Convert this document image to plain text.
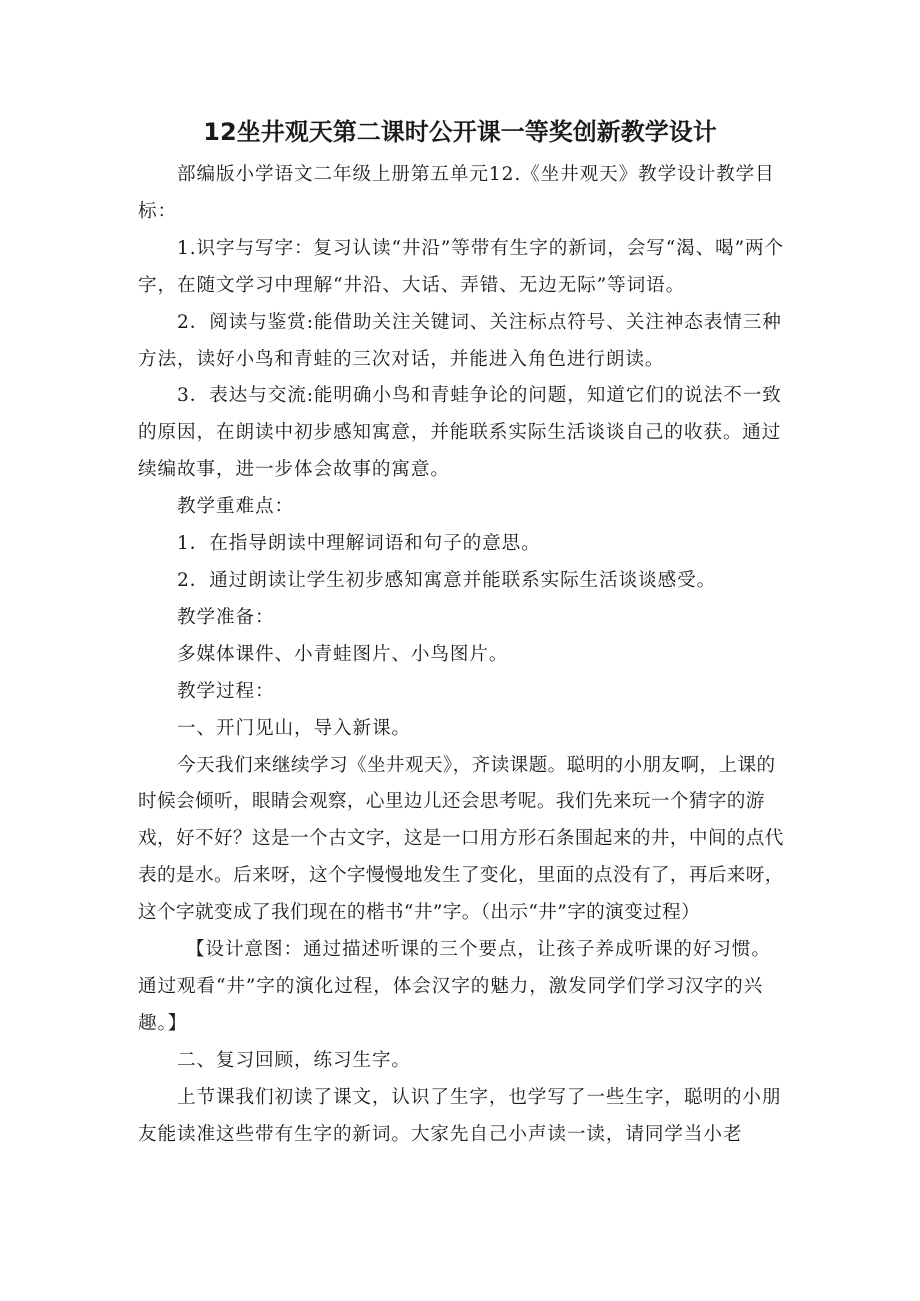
12坐井观天第二课时公开课一等奖创新教学设计

部编版小学语文二年级上册第五单元12.《坐井观天》教学设计教学目标：

1.识字与写字：复习认读“井沿”等带有生字的新词，会写“渴、喝”两个字，在随文学习中理解“井沿、大话、弄错、无边无际”等词语。

2．阅读与鉴赏:能借助关注关键词、关注标点符号、关注神态表情三种方法，读好小鸟和青蛙的三次对话，并能进入角色进行朗读。

3．表达与交流:能明确小鸟和青蛙争论的问题，知道它们的说法不一致的原因，在朗读中初步感知寓意，并能联系实际生活谈谈自己的收获。通过续编故事，进一步体会故事的寓意。

教学重难点：

1．在指导朗读中理解词语和句子的意思。

2．通过朗读让学生初步感知寓意并能联系实际生活谈谈感受。

教学准备：

多媒体课件、小青蛙图片、小鸟图片。

教学过程：

一、开门见山，导入新课。

今天我们来继续学习《坐井观天》，齐读课题。聪明的小朋友啊，上课的时候会倾听，眼睛会观察，心里边儿还会思考呢。我们先来玩一个猜字的游戏，好不好？这是一个古文字，这是一口用方形石条围起来的井，中间的点代表的是水。后来呀，这个字慢慢地发生了变化，里面的点没有了，再后来呀，这个字就变成了我们现在的楷书“井”字。（出示“井”字的演变过程）

【设计意图：通过描述听课的三个要点，让孩子养成听课的好习惯。通过观看“井”字的演化过程，体会汉字的魅力，激发同学们学习汉字的兴趣。】

二、复习回顾，练习生字。

上节课我们初读了课文，认识了生字，也学写了一些生字，聪明的小朋友能读准这些带有生字的新词。大家先自己小声读一读，请同学当小老
